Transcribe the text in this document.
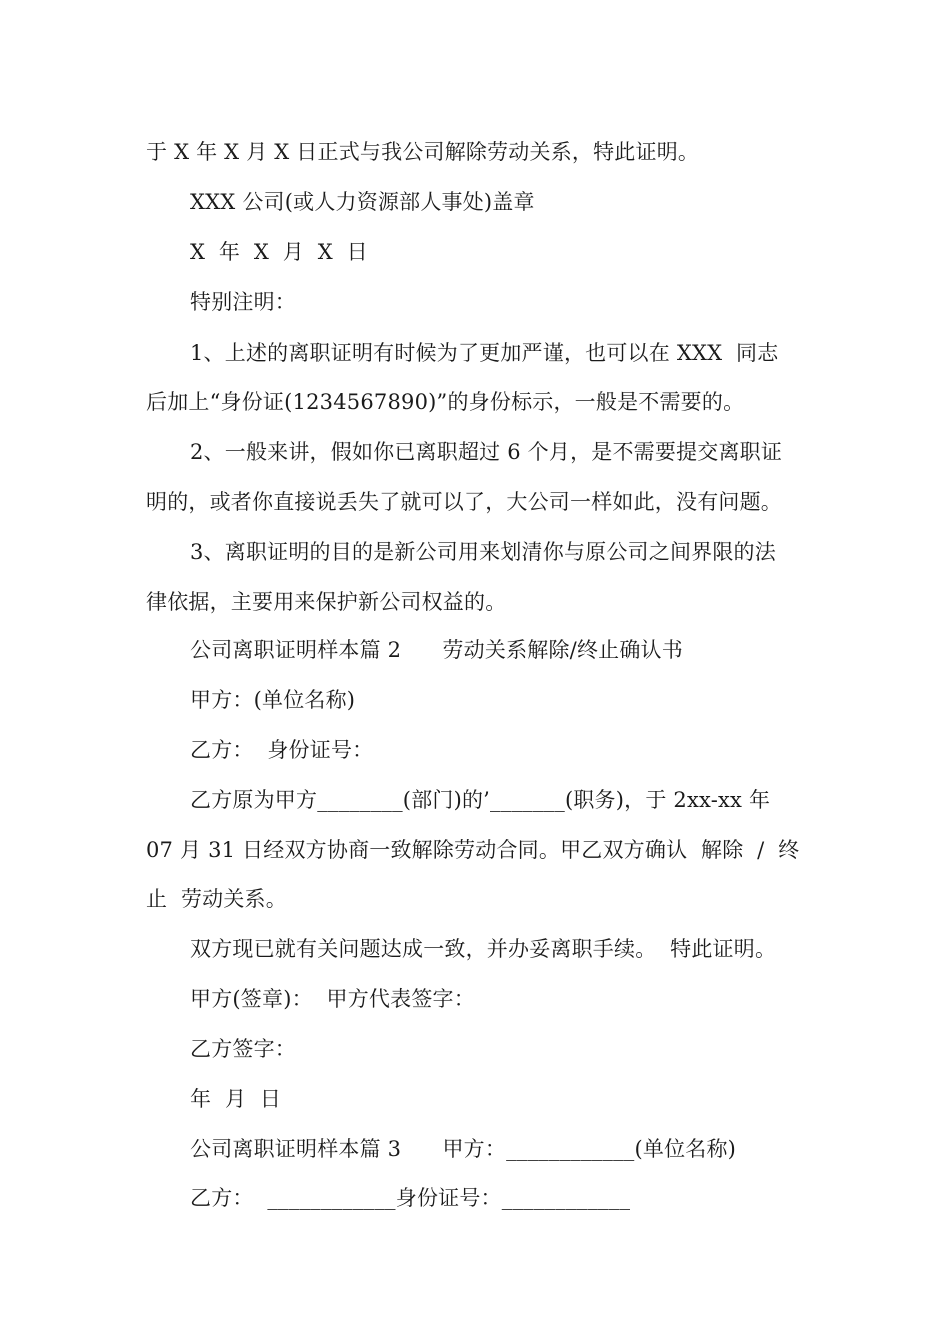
于 X 年 X 月 X 日正式与我公司解除劳动关系，特此证明。
XXX 公司(或人力资源部人事处)盖章
X  年  X  月  X  日
特别注明：
1、上述的离职证明有时候为了更加严谨，也可以在 XXX  同志
后加上“身份证(1234567890)”的身份标示，一般是不需要的。
2、一般来讲，假如你已离职超过 6 个月，是不需要提交离职证
明的，或者你直接说丢失了就可以了，大公司一样如此，没有问题。
3、离职证明的目的是新公司用来划清你与原公司之间界限的法
律依据，主要用来保护新公司权益的。
公司离职证明样本篇 2      劳动关系解除/终止确认书
甲方：(单位名称)
乙方：  身份证号：
乙方原为甲方________(部门)的’_______(职务)，于 2xx-xx 年
07 月 31 日经双方协商一致解除劳动合同。甲乙双方确认  解除  /  终
止  劳动关系。
双方现已就有关问题达成一致，并办妥离职手续。  特此证明。
甲方(签章)：  甲方代表签字：
乙方签字：
年  月  日
公司离职证明样本篇 3      甲方：____________(单位名称)
乙方：  ____________身份证号：____________
